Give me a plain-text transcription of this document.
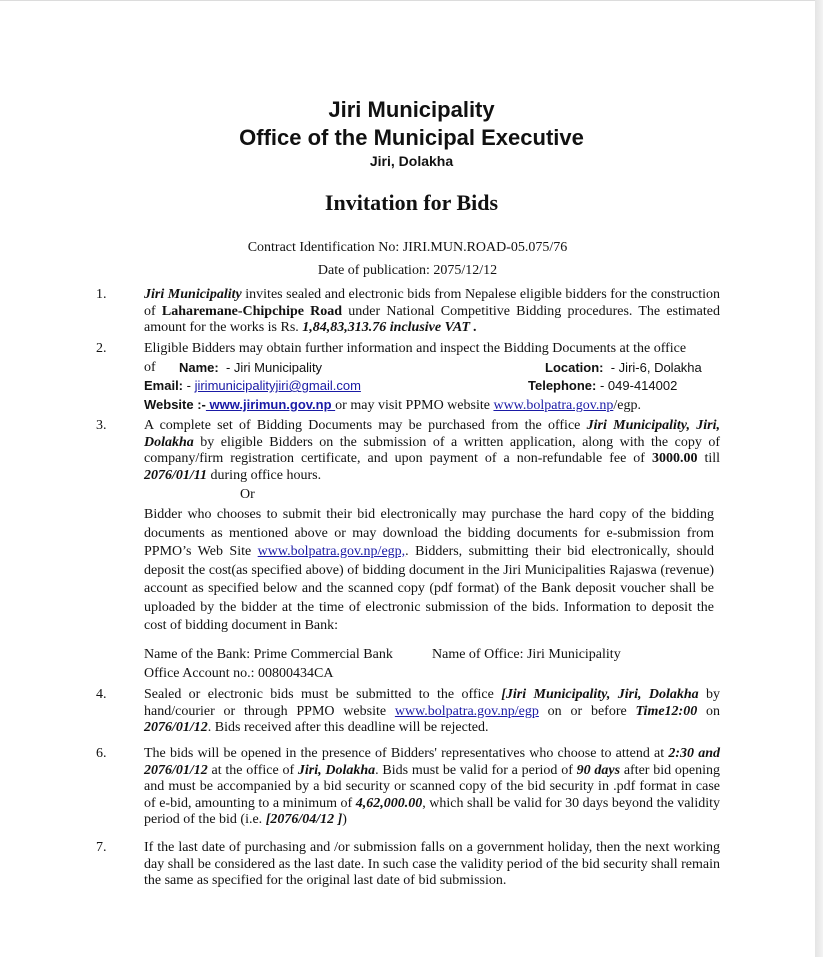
Jiri Municipality
Office of the Municipal Executive
Jiri, Dolakha
Invitation for Bids
Contract Identification No: JIRI.MUN.ROAD-05.075/76
Date of publication: 2075/12/12
1.	Jiri Municipality invites sealed and electronic bids from Nepalese eligible bidders for the construction of Laharemane-Chipchipe Road under National Competitive Bidding procedures. The estimated amount for the works is Rs. 1,84,83,313.76 inclusive VAT .
2.	Eligible Bidders may obtain further information and inspect the Bidding Documents at the office
of Name: - Jiri Municipality	Location: - Jiri-6, Dolakha
Email: - jirimunicipalityjiri@gmail.com	Telephone: - 049-414002
Website :- www.jirimun.gov.np or may visit PPMO website www.bolpatra.gov.np/egp.
3.	A complete set of Bidding Documents may be purchased from the office Jiri Municipality, Jiri, Dolakha by eligible Bidders on the submission of a written application, along with the copy of company/firm registration certificate, and upon payment of a non-refundable fee of 3000.00 till 2076/01/11 during office hours.
Or
Bidder who chooses to submit their bid electronically may purchase the hard copy of the bidding documents as mentioned above or may download the bidding documents for e-submission from PPMO’s Web Site www.bolpatra.gov.np/egp,. Bidders, submitting their bid electronically, should deposit the cost(as specified above) of bidding document in the Jiri Municipalities Rajaswa (revenue) account as specified below and the scanned copy (pdf format) of the Bank deposit voucher shall be uploaded by the bidder at the time of electronic submission of the bids. Information to deposit the cost of bidding document in Bank:
Name of the Bank: Prime Commercial Bank	Name of Office: Jiri Municipality
Office Account no.: 00800434CA
4.	Sealed or electronic bids must be submitted to the office [Jiri Municipality, Jiri, Dolakha by hand/courier or through PPMO website www.bolpatra.gov.np/egp on or before Time12:00 on 2076/01/12. Bids received after this deadline will be rejected.
6.	The bids will be opened in the presence of Bidders' representatives who choose to attend at 2:30 and 2076/01/12 at the office of Jiri, Dolakha. Bids must be valid for a period of 90 days after bid opening and must be accompanied by a bid security or scanned copy of the bid security in .pdf format in case of e-bid, amounting to a minimum of 4,62,000.00, which shall be valid for 30 days beyond the validity period of the bid (i.e. [2076/04/12 ])
7.	If the last date of purchasing and /or submission falls on a government holiday, then the next working day shall be considered as the last date. In such case the validity period of the bid security shall remain the same as specified for the original last date of bid submission.
